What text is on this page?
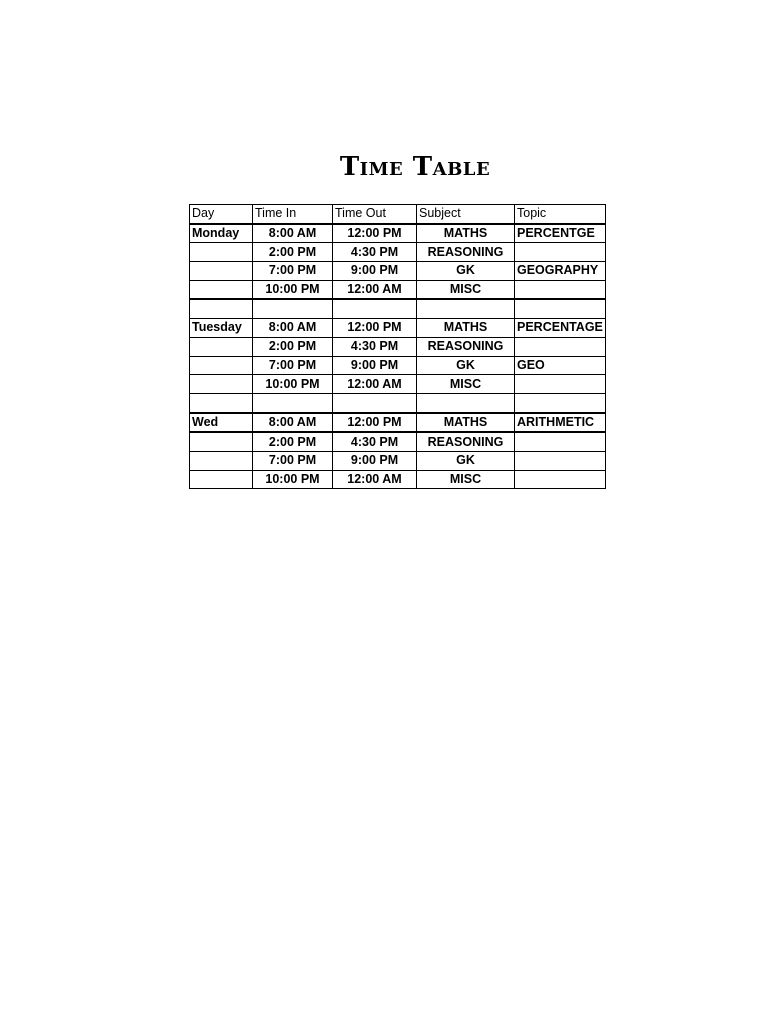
Time Table
Day	Time In	Time Out	Subject	Topic
Monday	8:00 AM	12:00 PM	MATHS	PERCENTGE
	2:00 PM	4:30 PM	REASONING	
	7:00 PM	9:00 PM	GK	GEOGRAPHY
	10:00 PM	12:00 AM	MISC	

Tuesday	8:00 AM	12:00 PM	MATHS	PERCENTAGE
	2:00 PM	4:30 PM	REASONING	
	7:00 PM	9:00 PM	GK	GEO
	10:00 PM	12:00 AM	MISC	

Wed	8:00 AM	12:00 PM	MATHS	ARITHMETIC
	2:00 PM	4:30 PM	REASONING	
	7:00 PM	9:00 PM	GK	
	10:00 PM	12:00 AM	MISC	
